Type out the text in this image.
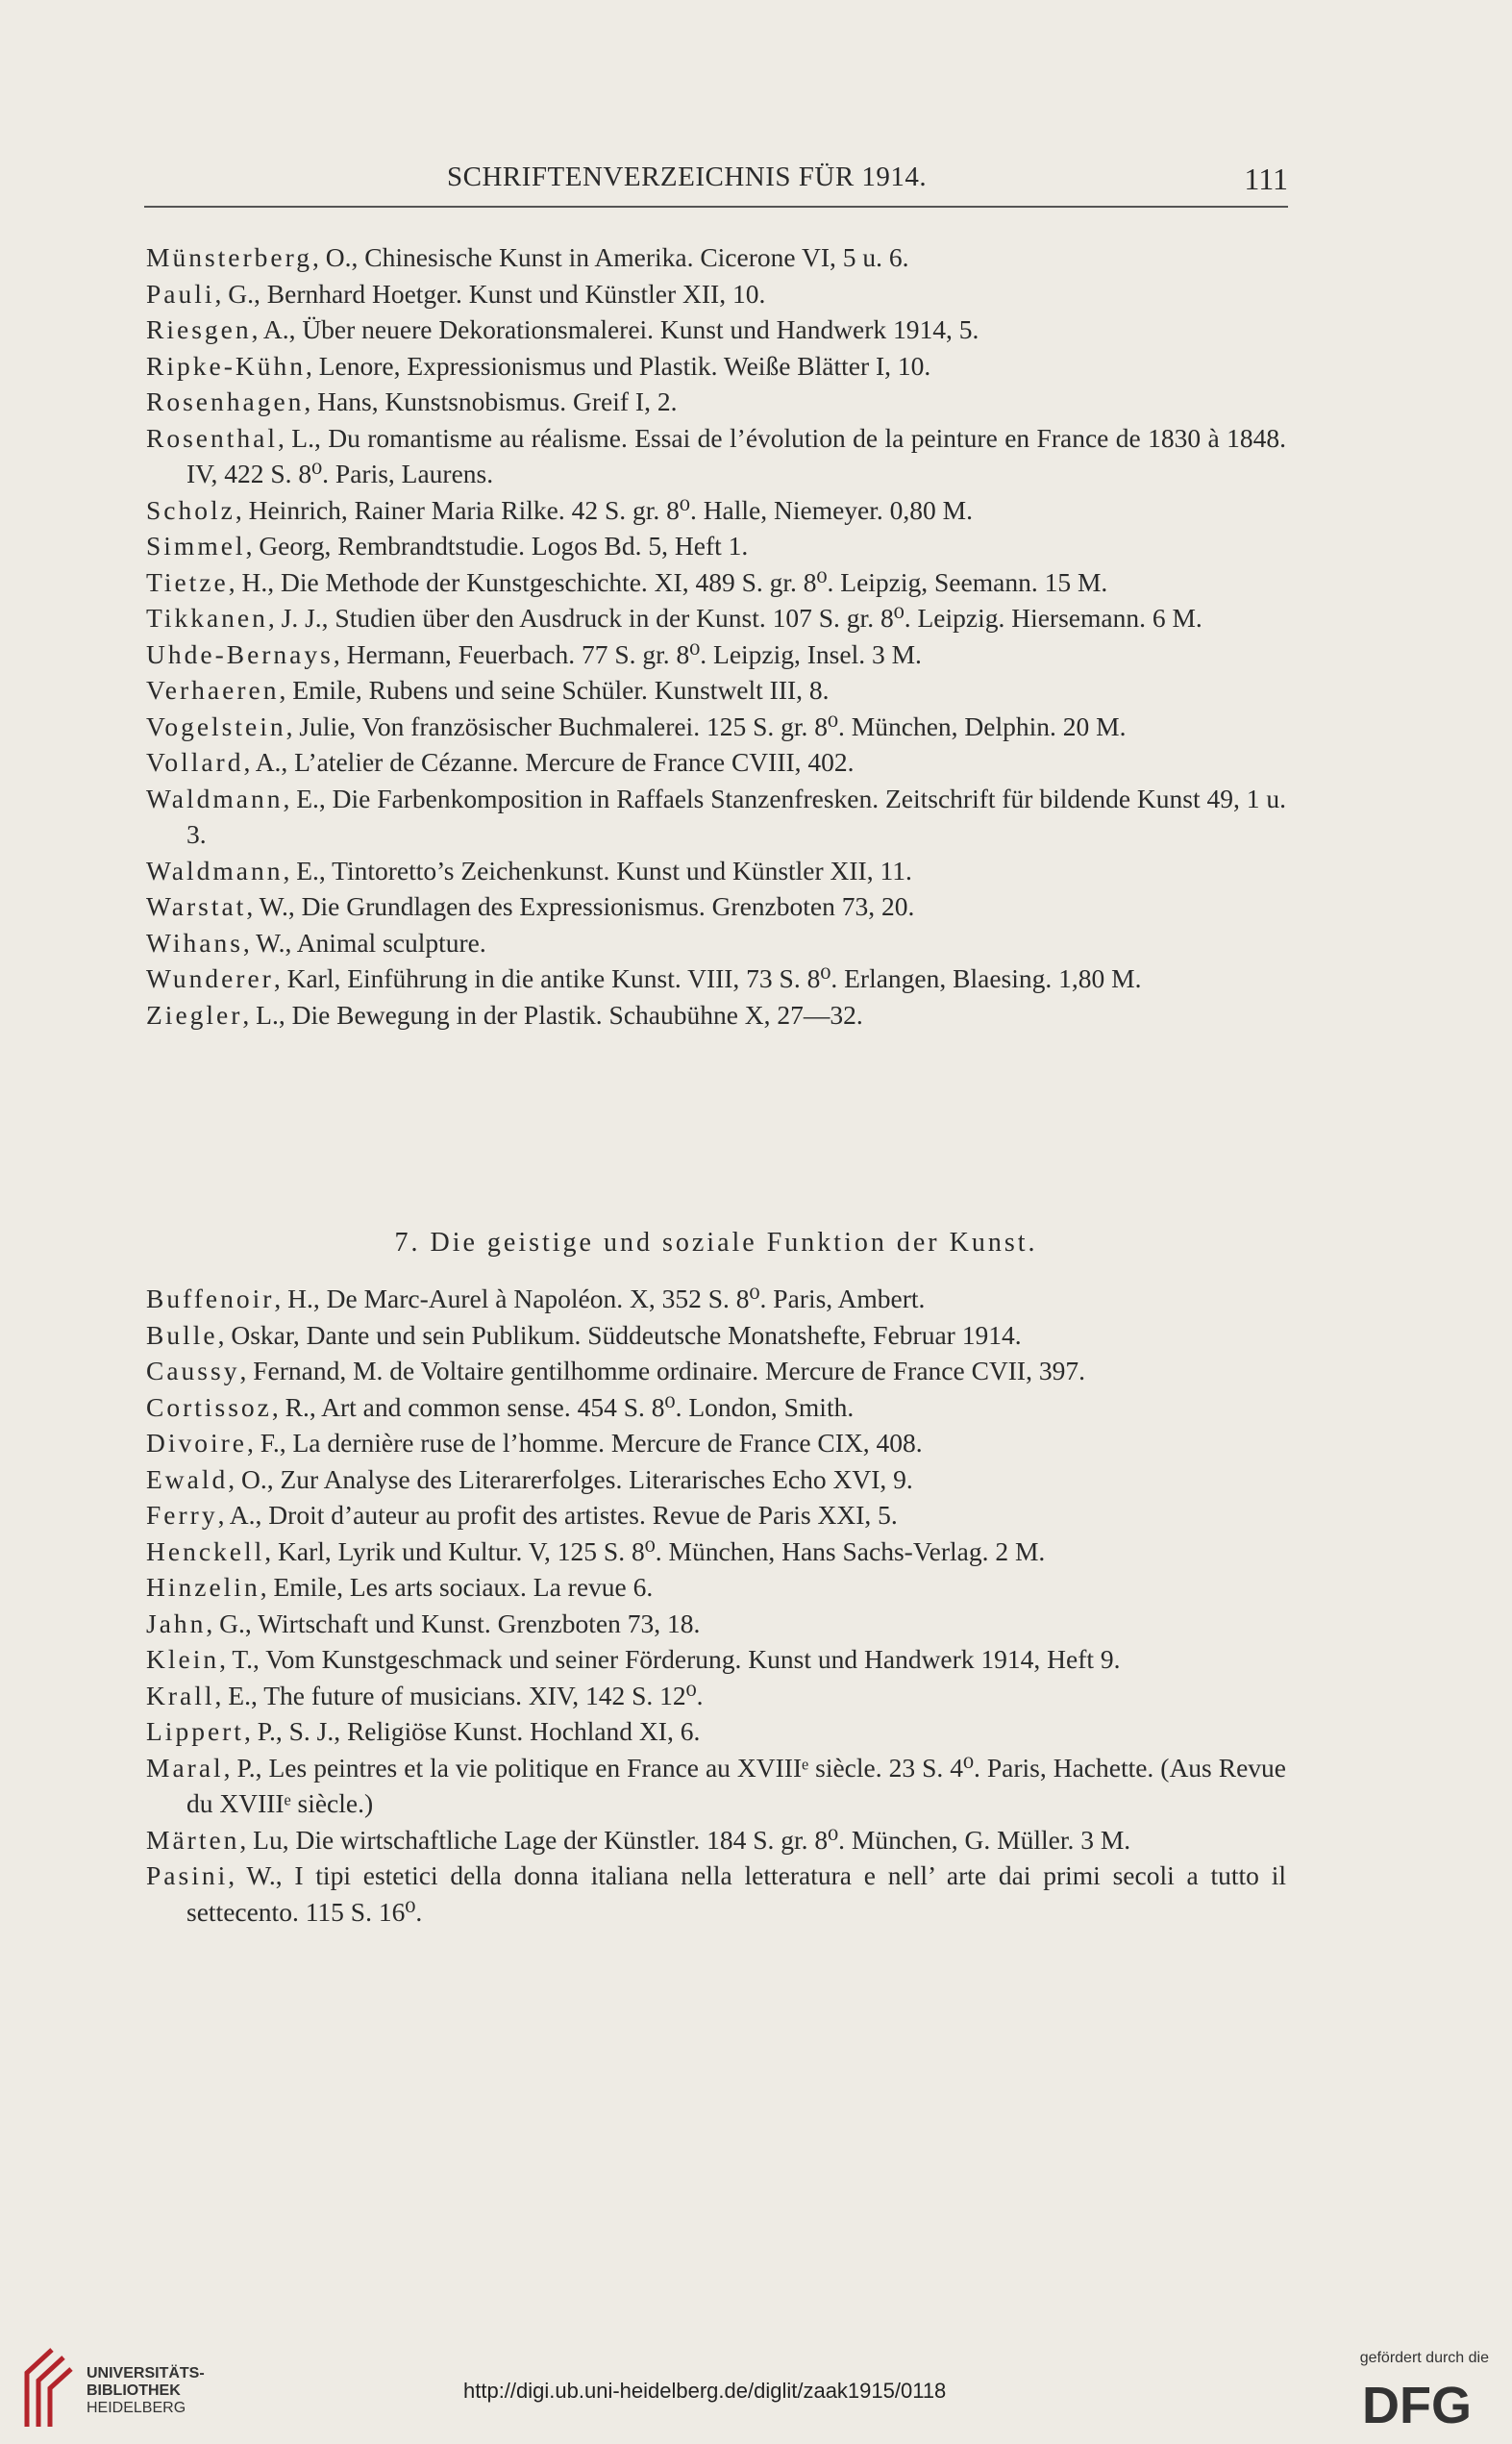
SCHRIFTENVERZEICHNIS FÜR 1914.	111
Münsterberg, O., Chinesische Kunst in Amerika. Cicerone VI, 5 u. 6.
Pauli, G., Bernhard Hoetger. Kunst und Künstler XII, 10.
Riesgen, A., Über neuere Dekorationsmalerei. Kunst und Handwerk 1914, 5.
Ripke-Kühn, Lenore, Expressionismus und Plastik. Weiße Blätter I, 10.
Rosenhagen, Hans, Kunstsnobismus. Greif I, 2.
Rosenthal, L., Du romantisme au réalisme. Essai de l’évolution de la peinture en France de 1830 à 1848. IV, 422 S. 8⁰. Paris, Laurens.
Scholz, Heinrich, Rainer Maria Rilke. 42 S. gr. 8⁰. Halle, Niemeyer. 0,80 M.
Simmel, Georg, Rembrandtstudie. Logos Bd. 5, Heft 1.
Tietze, H., Die Methode der Kunstgeschichte. XI, 489 S. gr. 8⁰. Leipzig, Seemann. 15 M.
Tikkanen, J. J., Studien über den Ausdruck in der Kunst. 107 S. gr. 8⁰. Leipzig. Hiersemann. 6 M.
Uhde-Bernays, Hermann, Feuerbach. 77 S. gr. 8⁰. Leipzig, Insel. 3 M.
Verhaeren, Emile, Rubens und seine Schüler. Kunstwelt III, 8.
Vogelstein, Julie, Von französischer Buchmalerei. 125 S. gr. 8⁰. München, Delphin. 20 M.
Vollard, A., L’atelier de Cézanne. Mercure de France CVIII, 402.
Waldmann, E., Die Farbenkomposition in Raffaels Stanzenfresken. Zeitschrift für bildende Kunst 49, 1 u. 3.
Waldmann, E., Tintoretto’s Zeichenkunst. Kunst und Künstler XII, 11.
Warstat, W., Die Grundlagen des Expressionismus. Grenzboten 73, 20.
Wihans, W., Animal sculpture.
Wunderer, Karl, Einführung in die antike Kunst. VIII, 73 S. 8⁰. Erlangen, Blaesing. 1,80 M.
Ziegler, L., Die Bewegung in der Plastik. Schaubühne X, 27—32.
7. Die geistige und soziale Funktion der Kunst.
Buffenoir, H., De Marc-Aurel à Napoléon. X, 352 S. 8⁰. Paris, Ambert.
Bulle, Oskar, Dante und sein Publikum. Süddeutsche Monatshefte, Februar 1914.
Caussy, Fernand, M. de Voltaire gentilhomme ordinaire. Mercure de France CVII, 397.
Cortissoz, R., Art and common sense. 454 S. 8⁰. London, Smith.
Divoire, F., La dernière ruse de l’homme. Mercure de France CIX, 408.
Ewald, O., Zur Analyse des Literarerfolges. Literarisches Echo XVI, 9.
Ferry, A., Droit d’auteur au profit des artistes. Revue de Paris XXI, 5.
Henckell, Karl, Lyrik und Kultur. V, 125 S. 8⁰. München, Hans Sachs-Verlag. 2 M.
Hinzelin, Emile, Les arts sociaux. La revue 6.
Jahn, G., Wirtschaft und Kunst. Grenzboten 73, 18.
Klein, T., Vom Kunstgeschmack und seiner Förderung. Kunst und Handwerk 1914, Heft 9.
Krall, E., The future of musicians. XIV, 142 S. 12⁰.
Lippert, P., S. J., Religiöse Kunst. Hochland XI, 6.
Maral, P., Les peintres et la vie politique en France au XVIIIᵉ siècle. 23 S. 4⁰. Paris, Hachette. (Aus Revue du XVIIIᵉ siècle.)
Märten, Lu, Die wirtschaftliche Lage der Künstler. 184 S. gr. 8⁰. München, G. Müller. 3 M.
Pasini, W., I tipi estetici della donna italiana nella letteratura e nell’ arte dai primi secoli a tutto il settecento. 115 S. 16⁰.
UNIVERSITÄTS-
BIBLIOTHEK
HEIDELBERG
http://digi.ub.uni-heidelberg.de/diglit/zaak1915/0118
gefördert durch die
DFG
